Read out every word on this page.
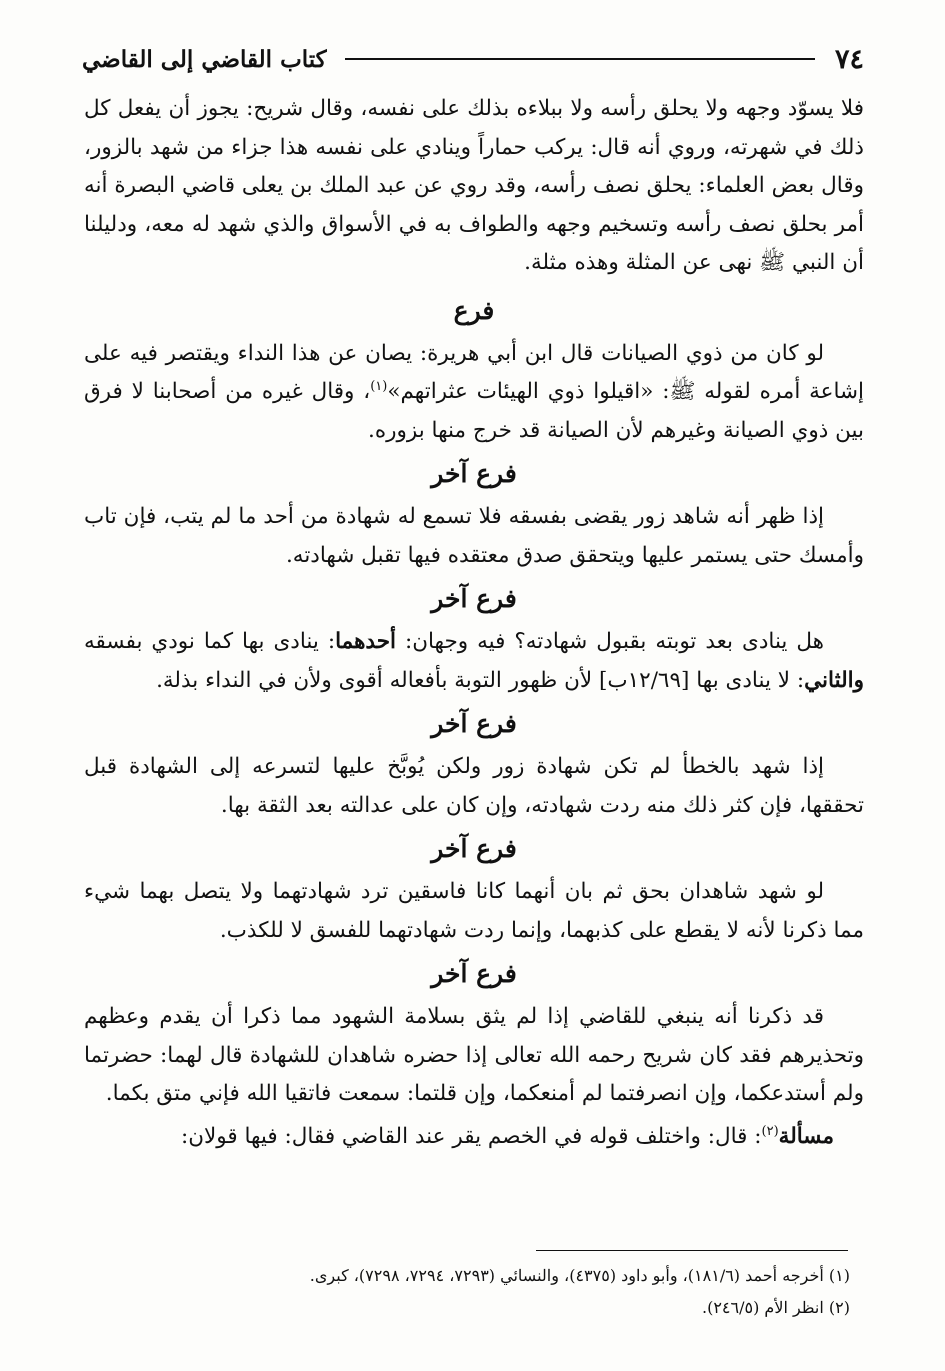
٧٤
كتاب القاضي إلى القاضي

فلا يسوّد وجهه ولا يحلق رأسه ولا ببلاءه بذلك على نفسه، وقال شريح: يجوز أن يفعل كل ذلك في شهرته، وروي أنه قال: يركب حماراً وينادي على نفسه هذا جزاء من شهد بالزور، وقال بعض العلماء: يحلق نصف رأسه، وقد روي عن عبد الملك بن يعلى قاضي البصرة أنه أمر بحلق نصف رأسه وتسخيم وجهه والطواف به في الأسواق والذي شهد له معه، ودليلنا أن النبي ﷺ نهى عن المثلة وهذه مثلة.

فرع

لو كان من ذوي الصيانات قال ابن أبي هريرة: يصان عن هذا النداء ويقتصر فيه على إشاعة أمره لقوله ﷺ: «اقيلوا ذوي الهيئات عثراتهم»$^{(١)}$، وقال غيره من أصحابنا لا فرق بين ذوي الصيانة وغيرهم لأن الصيانة قد خرج منها بزوره.

فرع آخر

إذا ظهر أنه شاهد زور يقضى بفسقه فلا تسمع له شهادة من أحد ما لم يتب، فإن تاب وأمسك حتى يستمر عليها ويتحقق صدق معتقده فيها تقبل شهادته.

فرع آخر

هل ينادى بعد توبته بقبول شهادته؟ فيه وجهان: أحدهما: ينادى بها كما نودي بفسقه والثاني: لا ينادى بها [١٢/٦٩ب] لأن ظهور التوبة بأفعاله أقوى ولأن في النداء بذلة.

فرع آخر

إذا شهد بالخطأ لم تكن شهادة زور ولكن يُوبَّخ عليها لتسرعه إلى الشهادة قبل تحققها، فإن كثر ذلك منه ردت شهادته، وإن كان على عدالته بعد الثقة بها.

فرع آخر

لو شهد شاهدان بحق ثم بان أنهما كانا فاسقين ترد شهادتهما ولا يتصل بهما شيء مما ذكرنا لأنه لا يقطع على كذبهما، وإنما ردت شهادتهما للفسق لا للكذب.

فرع آخر

قد ذكرنا أنه ينبغي للقاضي إذا لم يثق بسلامة الشهود مما ذكرا أن يقدم وعظهم وتحذيرهم فقد كان شريح رحمه الله تعالى إذا حضره شاهدان للشهادة قال لهما: حضرتما ولم أستدعكما، وإن انصرفتما لم أمنعكما، وإن قلتما: سمعت فاتقيا الله فإني متق بكما.

مسألة$^{(٢)}$: قال: واختلف قوله في الخصم يقر عند القاضي فقال: فيها قولان:

(١) أخرجه أحمد (١٨١/٦)، وأبو داود (٤٣٧٥)، والنسائي (٧٢٩٣، ٧٢٩٤، ٧٢٩٨)، كبرى.

(٢) انظر الأم (٢٤٦/٥).
